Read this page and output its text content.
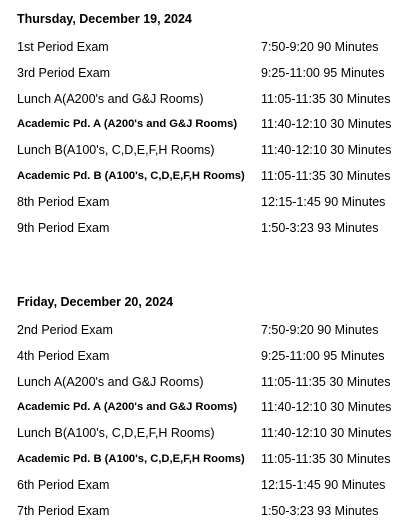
Thursday, December 19, 2024
1st Period Exam	7:50-9:20 90 Minutes
3rd Period Exam	9:25-11:00 95 Minutes
Lunch A(A200's and G&J Rooms)	11:05-11:35 30 Minutes
Academic Pd. A (A200's and G&J Rooms) 11:40-12:10 30 Minutes
Lunch B(A100's, C,D,E,F,H Rooms)	11:40-12:10 30 Minutes
Academic Pd. B (A100's, C,D,E,F,H Rooms) 11:05-11:35 30 Minutes
8th Period Exam	12:15-1:45 90 Minutes
9th Period Exam	1:50-3:23 93 Minutes
Friday, December 20, 2024
2nd Period Exam	7:50-9:20 90 Minutes
4th Period Exam	9:25-11:00 95 Minutes
Lunch A(A200's and G&J Rooms)	11:05-11:35 30 Minutes
Academic Pd. A (A200's and G&J Rooms) 11:40-12:10 30 Minutes
Lunch B(A100's, C,D,E,F,H Rooms)	11:40-12:10 30 Minutes
Academic Pd. B (A100's, C,D,E,F,H Rooms) 11:05-11:35 30 Minutes
6th Period Exam	12:15-1:45 90 Minutes
7th Period Exam	1:50-3:23 93 Minutes
